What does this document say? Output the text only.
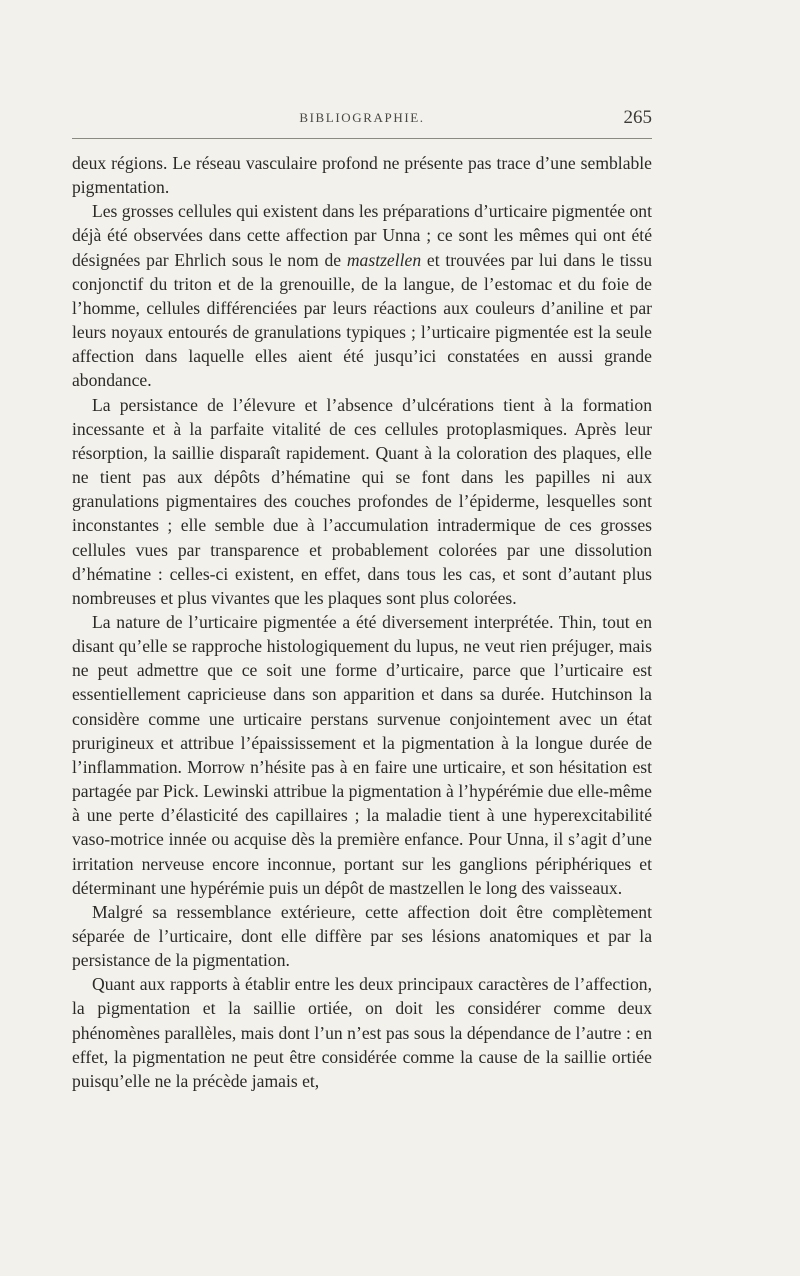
BIBLIOGRAPHIE.	265

deux régions. Le réseau vasculaire profond ne présente pas trace d’une semblable pigmentation.

Les grosses cellules qui existent dans les préparations d’urticaire pigmentée ont déjà été observées dans cette affection par Unna ; ce sont les mêmes qui ont été désignées par Ehrlich sous le nom de mastzellen et trouvées par lui dans le tissu conjonctif du triton et de la grenouille, de la langue, de l’estomac et du foie de l’homme, cellules différenciées par leurs réactions aux couleurs d’aniline et par leurs noyaux entourés de granulations typiques ; l’urticaire pigmentée est la seule affection dans laquelle elles aient été jusqu’ici constatées en aussi grande abondance.

La persistance de l’élevure et l’absence d’ulcérations tient à la formation incessante et à la parfaite vitalité de ces cellules protoplasmiques. Après leur résorption, la saillie disparaît rapidement. Quant à la coloration des plaques, elle ne tient pas aux dépôts d’hématine qui se font dans les papilles ni aux granulations pigmentaires des couches profondes de l’épiderme, lesquelles sont inconstantes ; elle semble due à l’accumulation intradermique de ces grosses cellules vues par transparence et probablement colorées par une dissolution d’hématine : celles-ci existent, en effet, dans tous les cas, et sont d’autant plus nombreuses et plus vivantes que les plaques sont plus colorées.

La nature de l’urticaire pigmentée a été diversement interprétée. Thin, tout en disant qu’elle se rapproche histologiquement du lupus, ne veut rien préjuger, mais ne peut admettre que ce soit une forme d’urticaire, parce que l’urticaire est essentiellement capricieuse dans son apparition et dans sa durée. Hutchinson la considère comme une urticaire perstans survenue conjointement avec un état prurigineux et attribue l’épaississement et la pigmentation à la longue durée de l’inflammation. Morrow n’hésite pas à en faire une urticaire, et son hésitation est partagée par Pick. Lewinski attribue la pigmentation à l’hypérémie due elle-même à une perte d’élasticité des capillaires ; la maladie tient à une hyperexcitabilité vaso-motrice innée ou acquise dès la première enfance. Pour Unna, il s’agit d’une irritation nerveuse encore inconnue, portant sur les ganglions périphériques et déterminant une hypérémie puis un dépôt de mastzellen le long des vaisseaux.

Malgré sa ressemblance extérieure, cette affection doit être complètement séparée de l’urticaire, dont elle diffère par ses lésions anatomiques et par la persistance de la pigmentation.

Quant aux rapports à établir entre les deux principaux caractères de l’affection, la pigmentation et la saillie ortiée, on doit les considérer comme deux phénomènes parallèles, mais dont l’un n’est pas sous la dépendance de l’autre : en effet, la pigmentation ne peut être considérée comme la cause de la saillie ortiée puisqu’elle ne la précède jamais et,
